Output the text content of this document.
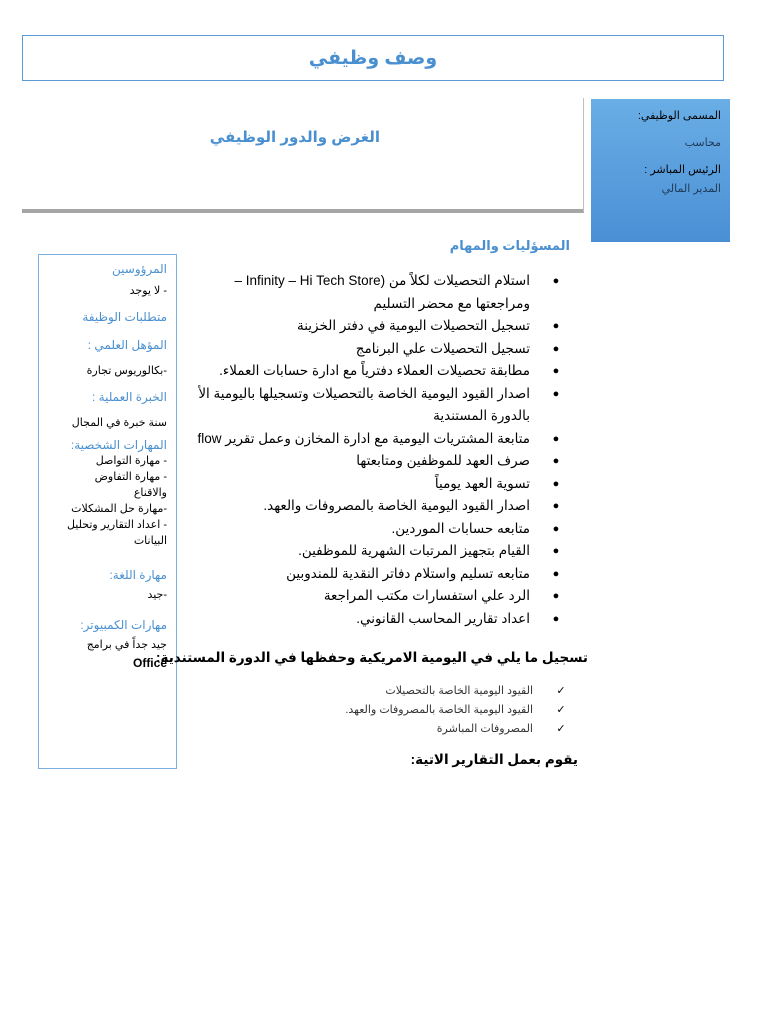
وصف وظيفي
الغرض والدور الوظيفي

المسمى الوظيفي:

محاسب

الرئيس المباشر :

المدير المالي

المرؤوسين

- لا يوجد

متطلبات الوظيفة

المؤهل العلمي :

-بكالوريوس تجارة

الخبرة العملية :

سنة خبرة في المجال

المهارات الشخصية:

- مهارة التواصل

- مهارة التفاوض

والاقناع

-مهارة حل المشكلات

- اعداد التقارير وتحليل

البيانات

مهارة اللغة:

-جيد

مهارات الكمبيوتر:

جيد جداً في برامج

Office

المسؤليات والمهام
●
استلام التحصيلات لكلاً من (Infinity – Hi Tech Store –
ومراجعتها مع محضر التسليم
●
تسجيل التحصيلات اليومية في دفتر الخزينة
●
تسجيل التحصيلات علي البرنامج
●
مطابقة تحصيلات العملاء دفترياً مع ادارة حسابات العملاء.
●
اصدار القيود اليومية الخاصة بالتحصيلات وتسجيلها باليومية الأ
بالدورة المستندية
●
متابعة المشتريات اليومية مع ادارة المخازن وعمل تقرير flow
●
صرف العهد للموظفين ومتابعتها
●
تسوية العهد يومياً
●
اصدار القيود اليومية الخاصة بالمصروفات والعهد.
●
متابعه حسابات الموردين.
●
القيام بتجهيز المرتبات الشهرية للموظفين.
●
متابعه تسليم واستلام دفاتر النقدية للمندوبين
●
الرد علي استفسارات مكتب المراجعة
●
اعداد تقارير المحاسب القانوني.
تسجيل ما يلي في اليومية الامريكية وحفظها في الدورة المستندية:
✓
القيود اليومية الخاصة بالتحصيلات
✓
القيود اليومية الخاصة بالمصروفات والعهد.
✓
المصروفات المباشرة
يقوم بعمل التقارير الاتية:
